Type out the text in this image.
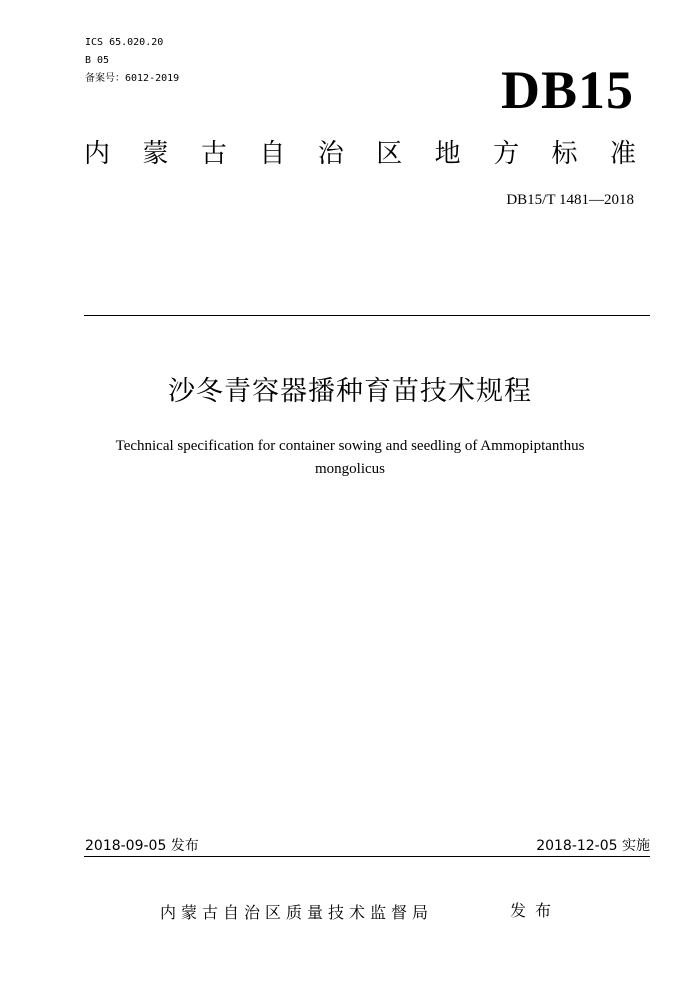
ICS 65.020.20
B 05
备案号：6012-2019	DB15
内 蒙 古 自 治 区 地 方 标 准
DB15/T 1481—2018
沙冬青容器播种育苗技术规程
Technical specification for container sowing and seedling of Ammopiptanthus mongolicus
2018-09-05 发布	2018-12-05 实施
内蒙古自治区质量技术监督局	发布
